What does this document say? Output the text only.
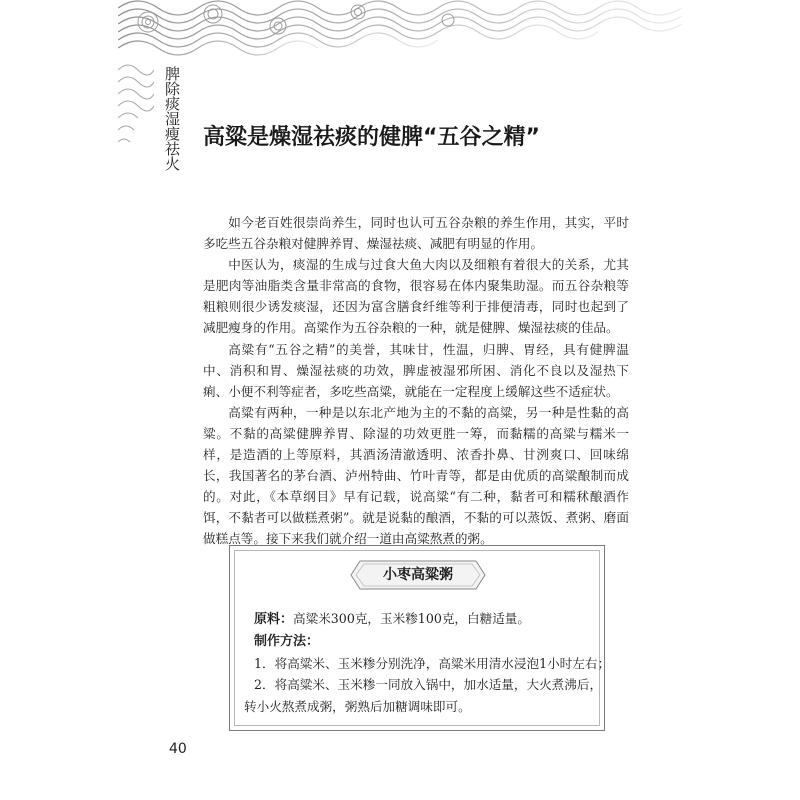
脾除痰湿瘦祛火 高粱是燥湿祛痰的健脾“五谷之精”

如今老百姓很崇尚养生，同时也认可五谷杂粮的养生作用，其实，平时多吃些五谷杂粮对健脾养胃、燥湿祛痰、减肥有明显的作用。

中医认为，痰湿的生成与过食大鱼大肉以及细粮有着很大的关系，尤其是肥肉等油脂类含量非常高的食物，很容易在体内聚集助湿。而五谷杂粮等粗粮则很少诱发痰湿，还因为富含膳食纤维等利于排便清毒，同时也起到了减肥瘦身的作用。高粱作为五谷杂粮的一种，就是健脾、燥湿祛痰的佳品。

高粱有“五谷之精”的美誉，其味甘，性温，归脾、胃经，具有健脾温中、消积和胃、燥湿祛痰的功效，脾虚被湿邪所困、消化不良以及湿热下痢、小便不利等症者，多吃些高粱，就能在一定程度上缓解这些不适症状。

高粱有两种，一种是以东北产地为主的不黏的高粱，另一种是性黏的高粱。不黏的高粱健脾养胃、除湿的功效更胜一筹，而黏糯的高粱与糯米一样，是造酒的上等原料，其酒汤清澈透明、浓香扑鼻、甘洌爽口、回味绵长，我国著名的茅台酒、泸州特曲、竹叶青等，都是由优质的高粱酿制而成的。对此，《本草纲目》早有记载，说高粱“有二种，黏者可和糯秫酿酒作饵，不黏者可以做糕煮粥”。就是说黏的酿酒，不黏的可以蒸饭、煮粥、磨面做糕点等。接下来我们就介绍一道由高粱熬煮的粥。

小枣高粱粥
原料：高粱米300克，玉米糁100克，白糖适量。
制作方法：
1．将高粱米、玉米糁分别洗净，高粱米用清水浸泡1小时左右；
2．将高粱米、玉米糁一同放入锅中，加水适量，大火煮沸后，
转小火熬煮成粥，粥熟后加糖调味即可。
40
